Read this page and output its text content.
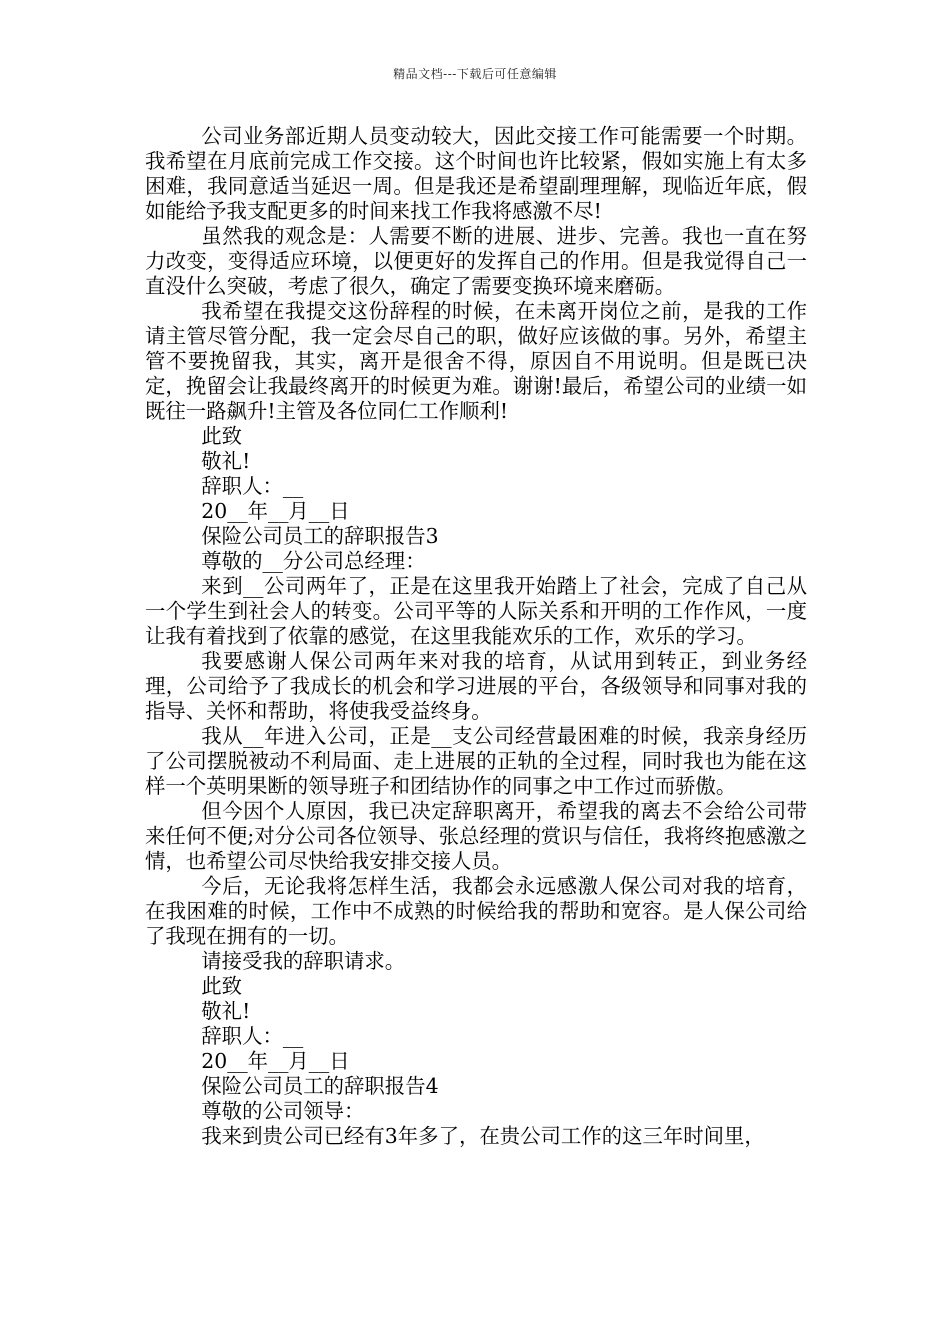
精品文档---下载后可任意编辑

公司业务部近期人员变动较大，因此交接工作可能需要一个时期。我希望在月底前完成工作交接。这个时间也许比较紧，假如实施上有太多困难，我同意适当延迟一周。但是我还是希望副理理解，现临近年底，假如能给予我支配更多的时间来找工作我将感激不尽!

虽然我的观念是：人需要不断的进展、进步、完善。我也一直在努力改变，变得适应环境，以便更好的发挥自己的作用。但是我觉得自己一直没什么突破，考虑了很久，确定了需要变换环境来磨砺。

我希望在我提交这份辞程的时候，在未离开岗位之前，是我的工作请主管尽管分配，我一定会尽自己的职，做好应该做的事。另外，希望主管不要挽留我，其实，离开是很舍不得，原因自不用说明。但是既已决定，挽留会让我最终离开的时候更为难。谢谢!最后，希望公司的业绩一如既往一路飙升!主管及各位同仁工作顺利!

此致

敬礼!

辞职人：__

20__年__月__日

保险公司员工的辞职报告3

尊敬的__分公司总经理：

来到__公司两年了，正是在这里我开始踏上了社会，完成了自己从一个学生到社会人的转变。公司平等的人际关系和开明的工作作风，一度让我有着找到了依靠的感觉，在这里我能欢乐的工作，欢乐的学习。

我要感谢人保公司两年来对我的培育，从试用到转正，到业务经理，公司给予了我成长的机会和学习进展的平台，各级领导和同事对我的指导、关怀和帮助，将使我受益终身。

我从__年进入公司，正是__支公司经营最困难的时候，我亲身经历了公司摆脱被动不利局面、走上进展的正轨的全过程，同时我也为能在这样一个英明果断的领导班子和团结协作的同事之中工作过而骄傲。

但今因个人原因，我已决定辞职离开，希望我的离去不会给公司带来任何不便;对分公司各位领导、张总经理的赏识与信任，我将终抱感激之情，也希望公司尽快给我安排交接人员。

今后，无论我将怎样生活，我都会永远感激人保公司对我的培育，在我困难的时候，工作中不成熟的时候给我的帮助和宽容。是人保公司给了我现在拥有的一切。

请接受我的辞职请求。

此致

敬礼!

辞职人：__

20__年__月__日

保险公司员工的辞职报告4

尊敬的公司领导：

我来到贵公司已经有3年多了，在贵公司工作的这三年时间里，
